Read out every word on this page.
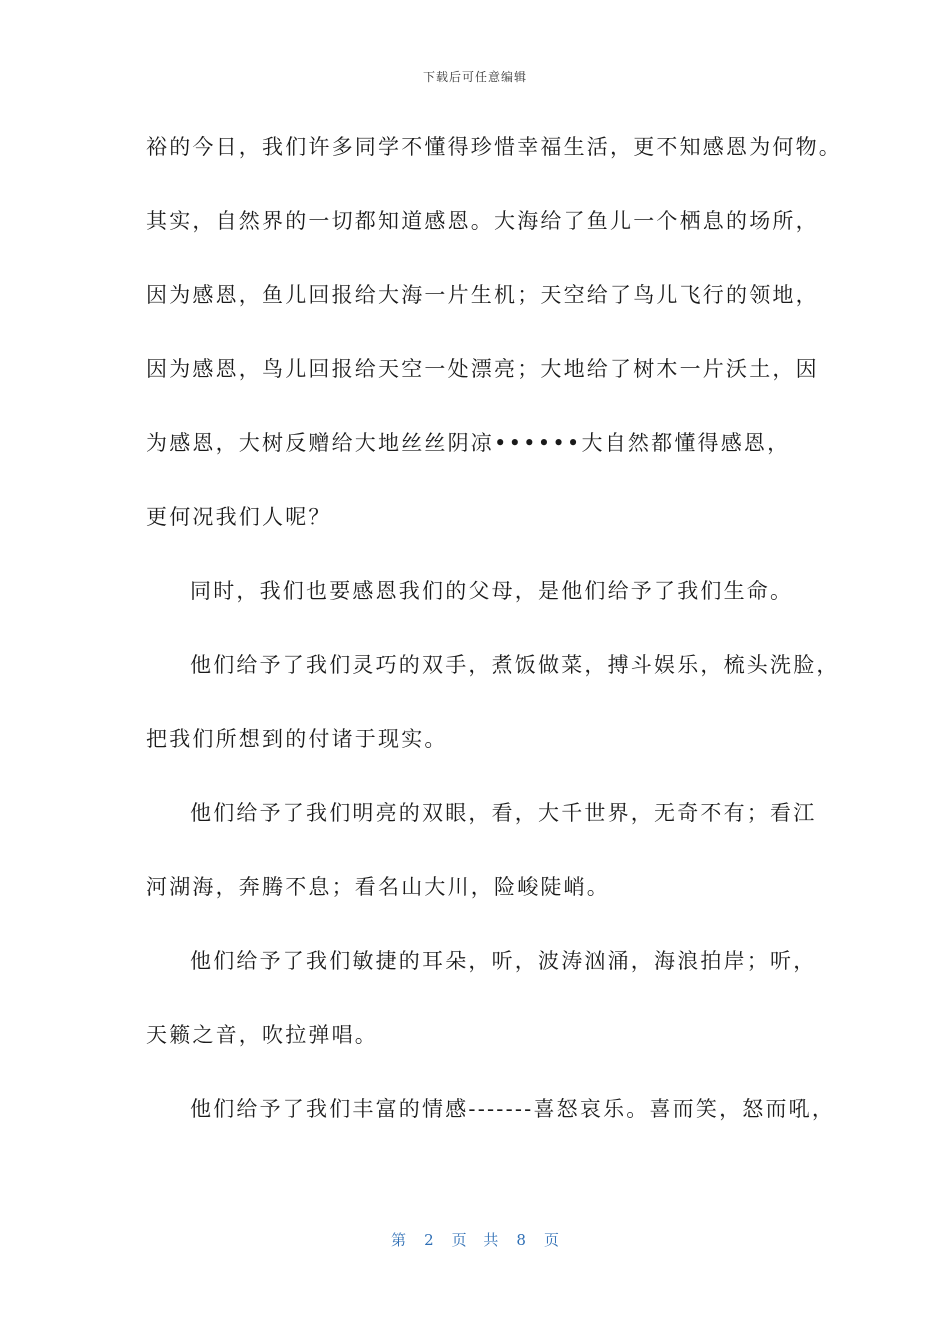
下载后可任意编辑
裕的今日，我们许多同学不懂得珍惜幸福生活，更不知感恩为何物。
其实，自然界的一切都知道感恩。大海给了鱼儿一个栖息的场所，
因为感恩，鱼儿回报给大海一片生机；天空给了鸟儿飞行的领地，
因为感恩，鸟儿回报给天空一处漂亮；大地给了树木一片沃土，因
为感恩，大树反赠给大地丝丝阴凉••••••大自然都懂得感恩，
更何况我们人呢？
同时，我们也要感恩我们的父母，是他们给予了我们生命。
他们给予了我们灵巧的双手，煮饭做菜，搏斗娱乐，梳头洗脸，
把我们所想到的付诸于现实。
他们给予了我们明亮的双眼，看，大千世界，无奇不有；看江
河湖海，奔腾不息；看名山大川，险峻陡峭。
他们给予了我们敏捷的耳朵，听，波涛汹涌，海浪拍岸；听，
天籁之音，吹拉弹唱。
他们给予了我们丰富的情感-------喜怒哀乐。喜而笑，怒而吼，
第 2 页 共 8 页
